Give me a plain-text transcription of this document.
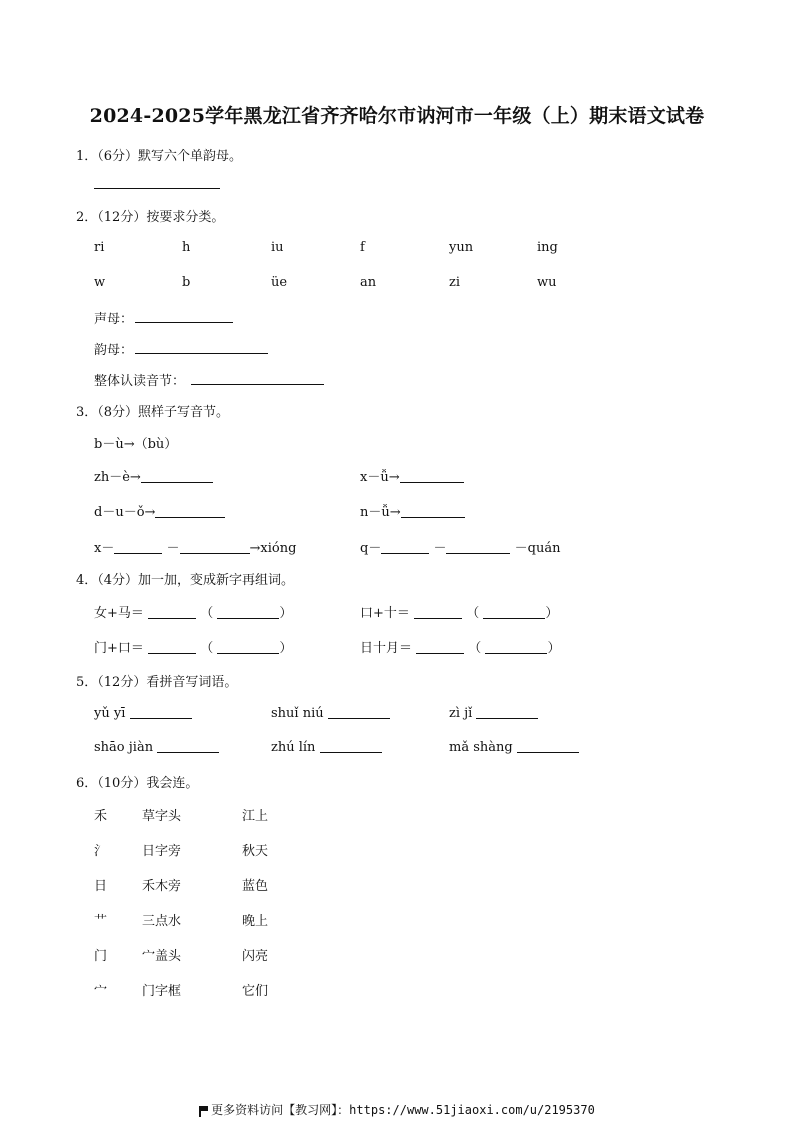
2024-2025学年黑龙江省齐齐哈尔市讷河市一年级（上）期末语文试卷
1．（6分）默写六个单韵母。
2．（12分）按要求分类。
ri	h	iu	f	yun	ing
w	b	üe	an	zi	wu
声母：
韵母：
整体认读音节：
3．（8分）照样子写音节。
b－ù→（bù）
zh－è→	x－ǚ→
d－u－ǒ→	n－ǚ→
x－	－	→xióng	q－	－	－quán
4．（4分）加一加，变成新字再组词。
女+马＝	（	）	口+十＝	（	）
门+口＝	（	）	日十月＝	（	）
5．（12分）看拼音写词语。
yǔ yī	shuǐ niú	zì jǐ
shāo jiàn	zhú lín	mǎ shàng
6．（10分）我会连。
禾	草字头	江上
氵	日字旁	秋天
日	禾木旁	蓝色
艹	三点水	晚上
门	宀盖头	闪亮
宀	门字框	它们
更多资料访问【教习网】：https://www.51jiaoxi.com/u/2195370
